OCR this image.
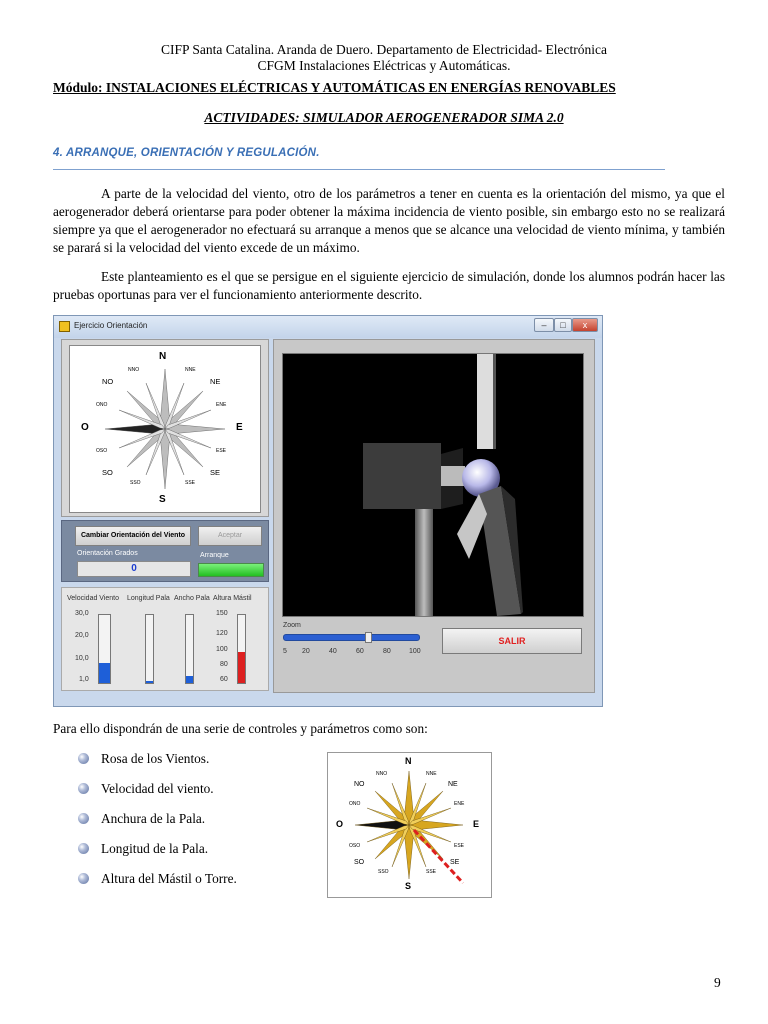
CIFP Santa Catalina. Aranda de Duero. Departamento de Electricidad- Electrónica
CFGM Instalaciones Eléctricas y Automáticas.
Módulo: INSTALACIONES ELÉCTRICAS Y AUTOMÁTICAS EN ENERGÍAS RENOVABLES
ACTIVIDADES: SIMULADOR AEROGENERADOR SIMA 2.0
4. ARRANQUE, ORIENTACIÓN Y REGULACIÓN.

A parte de la velocidad del viento, otro de los parámetros a tener en cuenta es la orientación del mismo, ya que el aerogenerador deberá orientarse para poder obtener la máxima incidencia de viento posible, sin embargo esto no se realizará siempre ya que el aerogenerador no efectuará su arranque a menos que se alcance una velocidad de viento mínima, y también se parará si la velocidad del viento excede de un máximo.

Este planteamiento es el que se persigue en el siguiente ejercicio de simulación, donde los alumnos podrán hacer las pruebas oportunas para ver el funcionamiento anteriormente descrito.

Ejercicio Orientación	–	□	x
N
S
E
O
NE
NO
SE
SO
NNO	NNE
ONO	ENE
OSO	ESE
SSO	SSE
Cambiar Orientación del Viento	Aceptar
Orientación Grados	Arranque
0
Velocidad Viento Longitud Pala Ancho Pala Altura Mástil
30,0
20,0
10,0
1,0
150
120
100
80
60
Zoom
5 20	40	60	80	100
SALIR
Para ello dispondrán de una serie de controles y parámetros como son:
Rosa de los Vientos.
Velocidad del viento.
Anchura de la Pala.
Longitud de la Pala.
Altura del Mástil o Torre.
N
S
E
O
NE
NO
SE
SO
NNO	NNE
ONO	ENE
OSO	ESE
SSO	SSE
9
